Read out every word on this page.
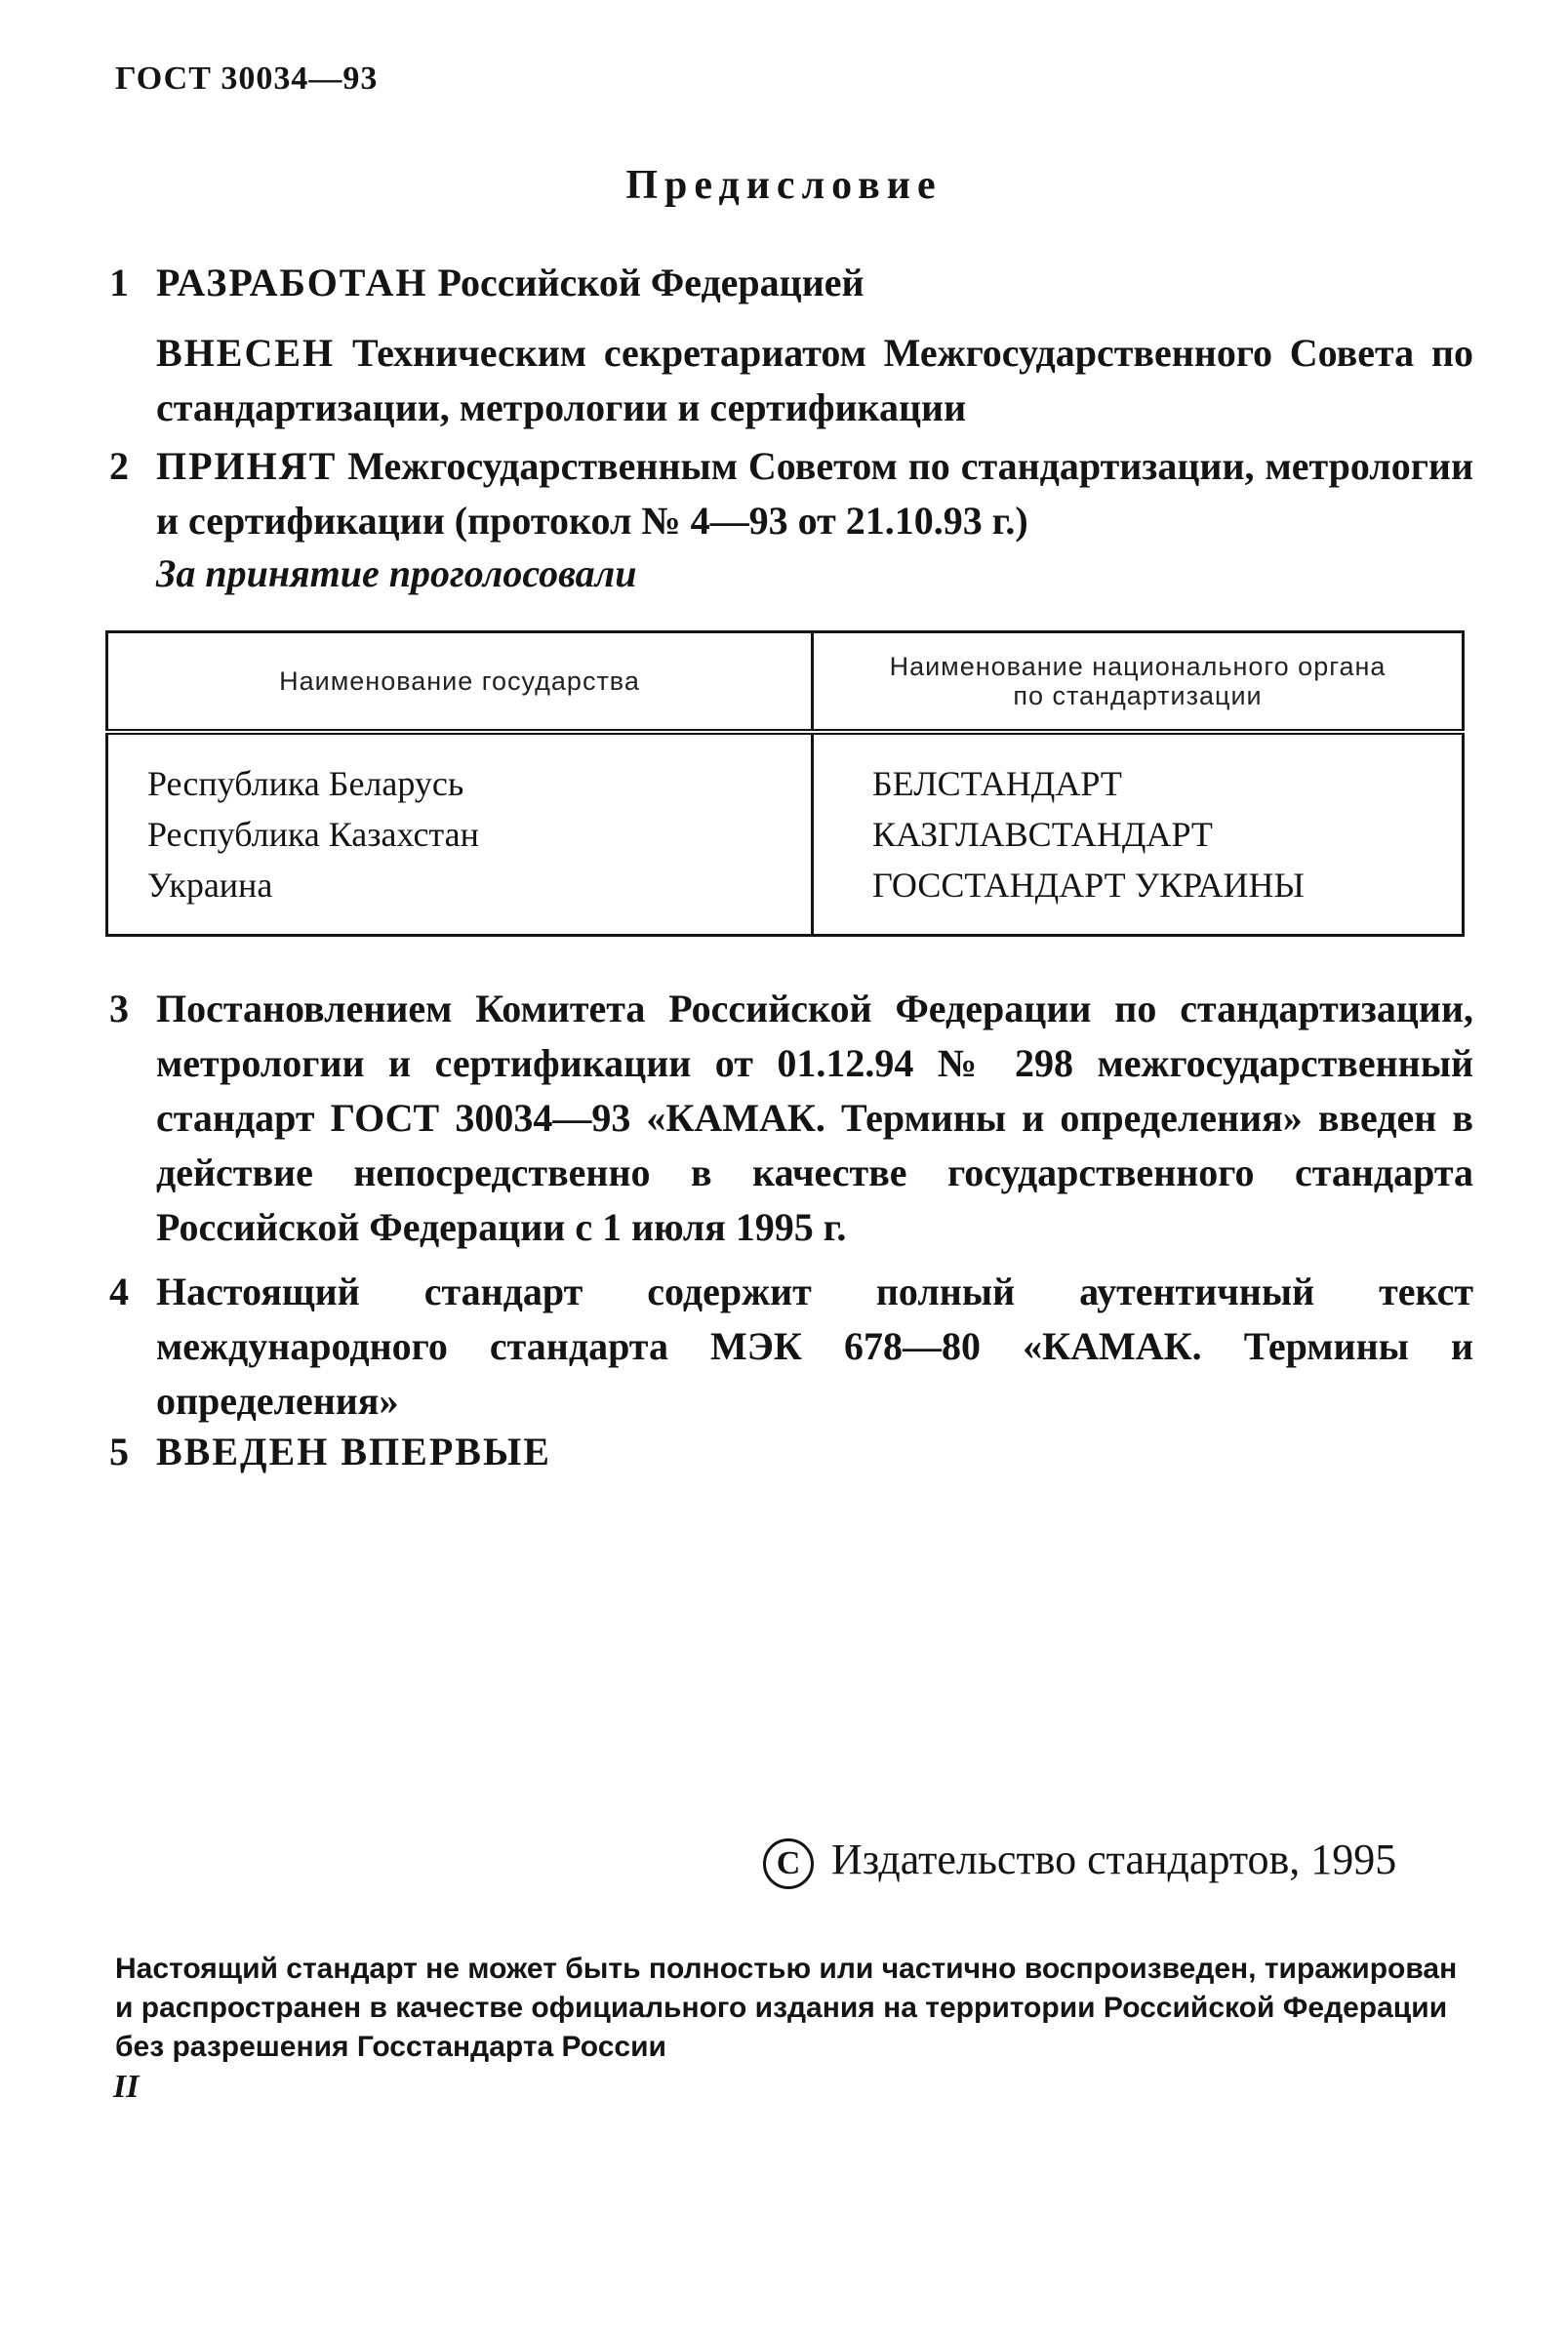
ГОСТ 30034—93
Предисловие
1 РАЗРАБОТАН Российской Федерацией
ВНЕСЕН Техническим секретариатом Межгосударственного Совета по стандартизации, метрологии и сертификации
2 ПРИНЯТ Межгосударственным Советом по стандартизации, метрологии и сертификации (протокол № 4—93 от 21.10.93 г.)
За принятие проголосовали
Наименование государства	Наименование национального органа по стандартизации
Республика Беларусь	БЕЛСТАНДАРТ
Республика Казахстан	КАЗГЛАВСТАНДАРТ
Украина	ГОССТАНДАРТ УКРАИНЫ
3 Постановлением Комитета Российской Федерации по стандартизации, метрологии и сертификации от 01.12.94 № 298 межгосударственный стандарт ГОСТ 30034—93 «КАМАК. Термины и определения» введен в действие непосредственно в качестве государственного стандарта Российской Федерации с 1 июля 1995 г.
4 Настоящий стандарт содержит полный аутентичный текст международного стандарта МЭК 678—80 «КАМАК. Термины и определения»
5 ВВЕДЕН ВПЕРВЫЕ
С Издательство стандартов, 1995
Настоящий стандарт не может быть полностью или частично воспроизведен, тиражирован и распространен в качестве официального издания на территории Российской Федерации без разрешения Госстандарта России
II
